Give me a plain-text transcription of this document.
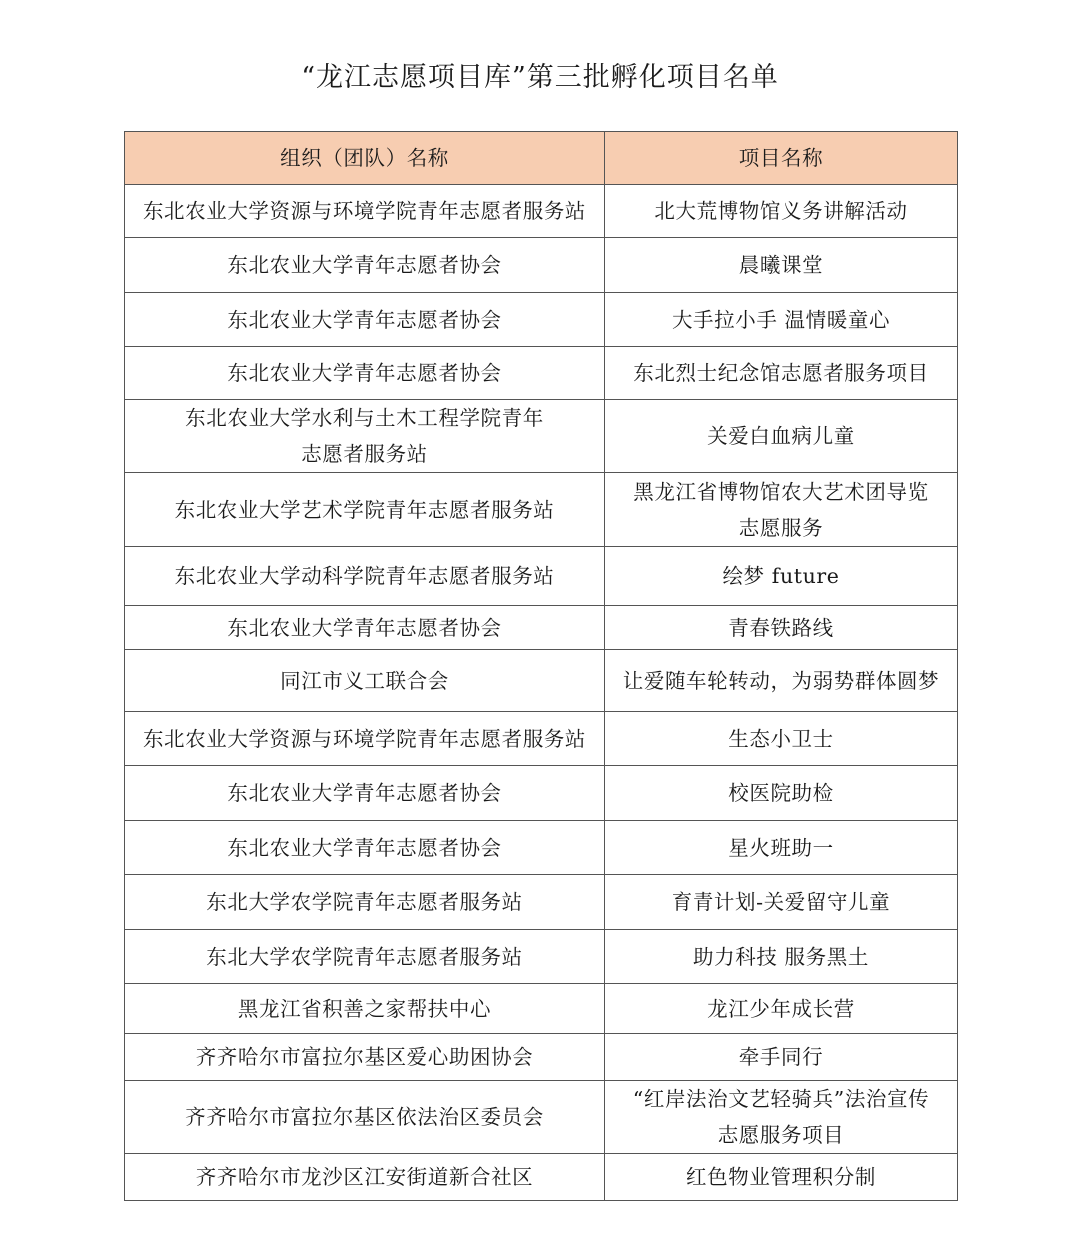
“龙江志愿项目库”第三批孵化项目名单
组织（团队）名称	项目名称

东北农业大学资源与环境学院青年志愿者服务站	北大荒博物馆义务讲解活动

东北农业大学青年志愿者协会	晨曦课堂

东北农业大学青年志愿者协会	大手拉小手 温情暖童心

东北农业大学青年志愿者协会	东北烈士纪念馆志愿者服务项目

东北农业大学水利与土木工程学院青年
志愿者服务站	关爱白血病儿童

东北农业大学艺术学院青年志愿者服务站	黑龙江省博物馆农大艺术团导览
志愿服务

东北农业大学动科学院青年志愿者服务站	绘梦 future

东北农业大学青年志愿者协会	青春铁路线

同江市义工联合会	让爱随车轮转动，为弱势群体圆梦

东北农业大学资源与环境学院青年志愿者服务站	生态小卫士

东北农业大学青年志愿者协会	校医院助检

东北农业大学青年志愿者协会	星火班助一

东北大学农学院青年志愿者服务站	育青计划-关爱留守儿童

东北大学农学院青年志愿者服务站	助力科技 服务黑土

黑龙江省积善之家帮扶中心	龙江少年成长营

齐齐哈尔市富拉尔基区爱心助困协会	牵手同行

齐齐哈尔市富拉尔基区依法治区委员会	“红岸法治文艺轻骑兵”法治宣传
志愿服务项目

齐齐哈尔市龙沙区江安街道新合社区	红色物业管理积分制
